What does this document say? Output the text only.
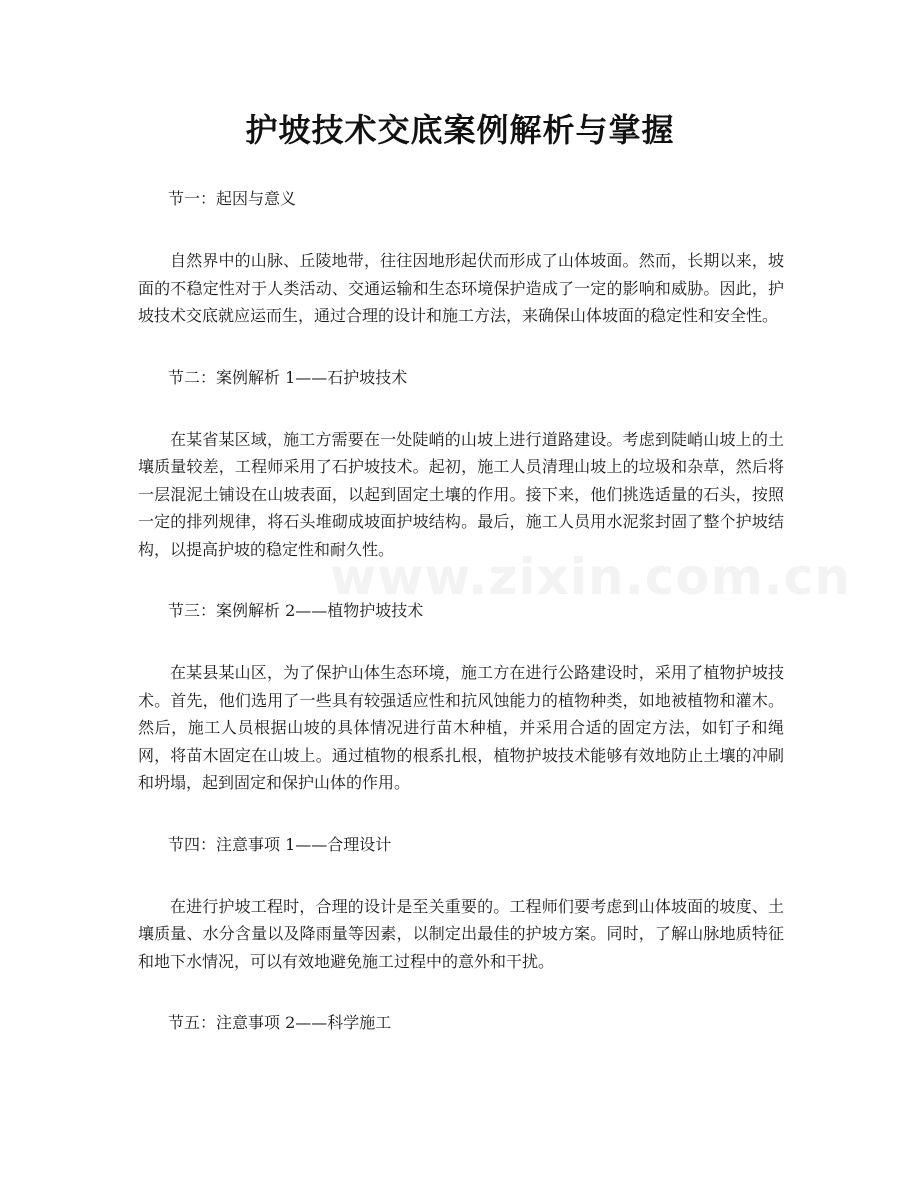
护坡技术交底案例解析与掌握
www.zixin.com.cn

节一：起因与意义

自然界中的山脉、丘陵地带，往往因地形起伏而形成了山体坡面。然而，长期以来，坡面的不稳定性对于人类活动、交通运输和生态环境保护造成了一定的影响和威胁。因此，护坡技术交底就应运而生，通过合理的设计和施工方法，来确保山体坡面的稳定性和安全性。

节二：案例解析 1——石护坡技术

在某省某区域，施工方需要在一处陡峭的山坡上进行道路建设。考虑到陡峭山坡上的土壤质量较差，工程师采用了石护坡技术。起初，施工人员清理山坡上的垃圾和杂草，然后将一层混泥土铺设在山坡表面，以起到固定土壤的作用。接下来，他们挑选适量的石头，按照一定的排列规律，将石头堆砌成坡面护坡结构。最后，施工人员用水泥浆封固了整个护坡结构，以提高护坡的稳定性和耐久性。

节三：案例解析 2——植物护坡技术

在某县某山区，为了保护山体生态环境，施工方在进行公路建设时，采用了植物护坡技术。首先，他们选用了一些具有较强适应性和抗风蚀能力的植物种类，如地被植物和灌木。然后，施工人员根据山坡的具体情况进行苗木种植，并采用合适的固定方法，如钉子和绳网，将苗木固定在山坡上。通过植物的根系扎根，植物护坡技术能够有效地防止土壤的冲刷和坍塌，起到固定和保护山体的作用。

节四：注意事项 1——合理设计

在进行护坡工程时，合理的设计是至关重要的。工程师们要考虑到山体坡面的坡度、土壤质量、水分含量以及降雨量等因素，以制定出最佳的护坡方案。同时，了解山脉地质特征和地下水情况，可以有效地避免施工过程中的意外和干扰。

节五：注意事项 2——科学施工
